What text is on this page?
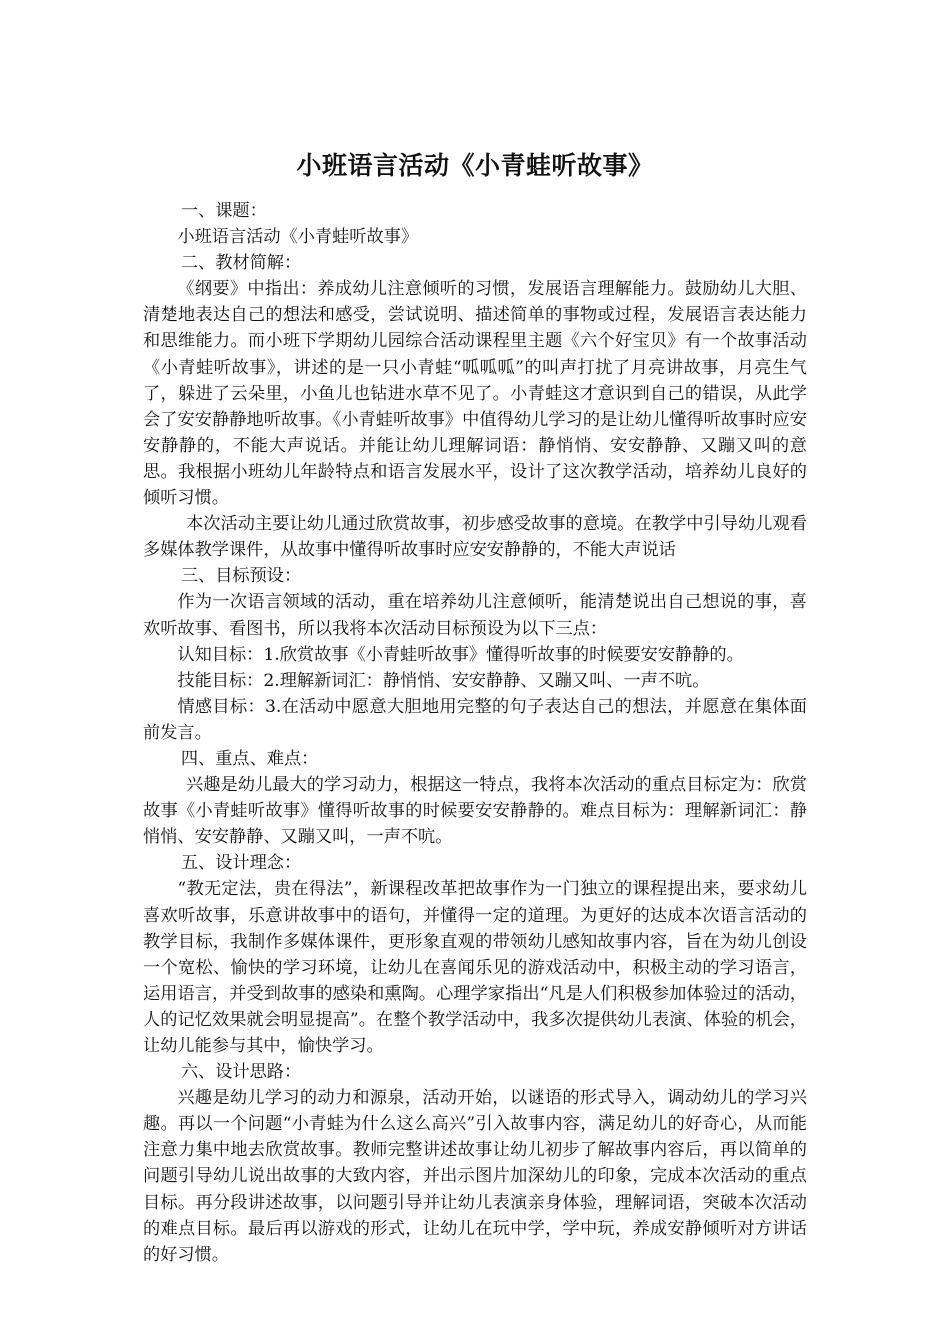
小班语言活动《小青蛙听故事》

一、课题：

小班语言活动《小青蛙听故事》

二、教材简解：

《纲要》中指出：养成幼儿注意倾听的习惯，发展语言理解能力。鼓励幼儿大胆、清楚地表达自己的想法和感受，尝试说明、描述简单的事物或过程，发展语言表达能力和思维能力。而小班下学期幼儿园综合活动课程里主题《六个好宝贝》有一个故事活动《小青蛙听故事》，讲述的是一只小青蛙“呱呱呱”的叫声打扰了月亮讲故事，月亮生气了，躲进了云朵里，小鱼儿也钻进水草不见了。小青蛙这才意识到自己的错误，从此学会了安安静静地听故事。《小青蛙听故事》中值得幼儿学习的是让幼儿懂得听故事时应安安静静的，不能大声说话。并能让幼儿理解词语：静悄悄、安安静静、又蹦又叫的意思。我根据小班幼儿年龄特点和语言发展水平，设计了这次教学活动，培养幼儿良好的倾听习惯。

本次活动主要让幼儿通过欣赏故事，初步感受故事的意境。在教学中引导幼儿观看多媒体教学课件，从故事中懂得听故事时应安安静静的，不能大声说话

三、目标预设：

作为一次语言领域的活动，重在培养幼儿注意倾听，能清楚说出自己想说的事，喜欢听故事、看图书，所以我将本次活动目标预设为以下三点：

认知目标：1.欣赏故事《小青蛙听故事》懂得听故事的时候要安安静静的。

技能目标：2.理解新词汇：静悄悄、安安静静、又蹦又叫、一声不吭。

情感目标：3.在活动中愿意大胆地用完整的句子表达自己的想法，并愿意在集体面前发言。

四、重点、难点：

兴趣是幼儿最大的学习动力，根据这一特点，我将本次活动的重点目标定为：欣赏故事《小青蛙听故事》懂得听故事的时候要安安静静的。难点目标为：理解新词汇：静悄悄、安安静静、又蹦又叫，一声不吭。

五、设计理念：

“教无定法，贵在得法”，新课程改革把故事作为一门独立的课程提出来，要求幼儿喜欢听故事，乐意讲故事中的语句，并懂得一定的道理。为更好的达成本次语言活动的教学目标，我制作多媒体课件，更形象直观的带领幼儿感知故事内容，旨在为幼儿创设一个宽松、愉快的学习环境，让幼儿在喜闻乐见的游戏活动中，积极主动的学习语言，运用语言，并受到故事的感染和熏陶。心理学家指出“凡是人们积极参加体验过的活动，人的记忆效果就会明显提高”。在整个教学活动中，我多次提供幼儿表演、体验的机会，让幼儿能参与其中，愉快学习。

六、设计思路：

兴趣是幼儿学习的动力和源泉，活动开始，以谜语的形式导入，调动幼儿的学习兴趣。再以一个问题“小青蛙为什么这么高兴”引入故事内容，满足幼儿的好奇心，从而能注意力集中地去欣赏故事。教师完整讲述故事让幼儿初步了解故事内容后，再以简单的问题引导幼儿说出故事的大致内容，并出示图片加深幼儿的印象，完成本次活动的重点目标。再分段讲述故事，以问题引导并让幼儿表演亲身体验，理解词语，突破本次活动的难点目标。最后再以游戏的形式，让幼儿在玩中学，学中玩，养成安静倾听对方讲话的好习惯。
